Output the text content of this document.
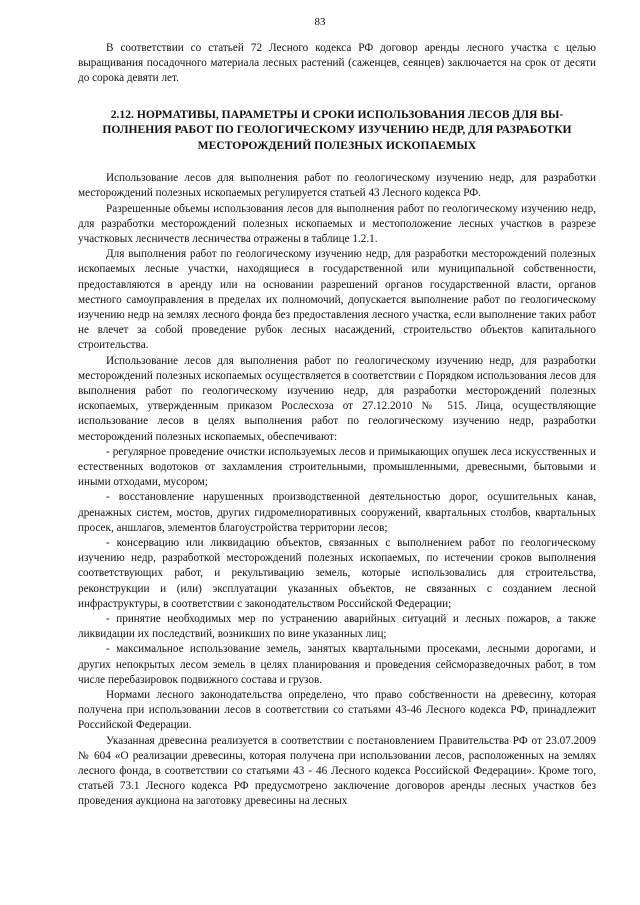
83

В соответствии со статьей 72 Лесного кодекса РФ договор аренды лесного участка с целью выращивания посадочного материала лесных растений (саженцев, сеянцев) заключается на срок от десяти до сорока девяти лет.

2.12. НОРМАТИВЫ, ПАРАМЕТРЫ И СРОКИ ИСПОЛЬЗОВАНИЯ ЛЕСОВ ДЛЯ ВЫ-
ПОЛНЕНИЯ РАБОТ ПО ГЕОЛОГИЧЕСКОМУ ИЗУЧЕНИЮ НЕДР, ДЛЯ РАЗРАБОТКИ
МЕСТОРОЖДЕНИЙ ПОЛЕЗНЫХ ИСКОПАЕМЫХ

Использование лесов для выполнения работ по геологическому изучению недр, для разработки месторождений полезных ископаемых регулируется статьей 43 Лесного кодекса РФ.

Разрешенные объемы использования лесов для выполнения работ по геологическому изучению недр, для разработки месторождений полезных ископаемых и местоположение лесных участков в разрезе участковых лесничеств лесничества отражены в таблице 1.2.1.

Для выполнения работ по геологическому изучению недр, для разработки месторождений полезных ископаемых лесные участки, находящиеся в государственной или муниципальной собственности, предоставляются в аренду или на основании разрешений органов государственной власти, органов местного самоуправления в пределах их полномочий, допускается выполнение работ по геологическому изучению недр на землях лесного фонда без предоставления лесного участка, если выполнение таких работ не влечет за собой проведение рубок лесных насаждений, строительство объектов капитального строительства.

Использование лесов для выполнения работ по геологическому изучению недр, для разработки месторождений полезных ископаемых осуществляется в соответствии с Порядком использования лесов для выполнения работ по геологическому изучению недр, для разработки месторождений полезных ископаемых, утвержденным приказом Рослесхоза от 27.12.2010 № 515. Лица, осуществляющие использование лесов в целях выполнения работ по геологическому изучению недр, разработки месторождений полезных ископаемых, обеспечивают:

- регулярное проведение очистки используемых лесов и примыкающих опушек леса искусственных и естественных водотоков от захламления строительными, промышленными, древесными, бытовыми и иными отходами, мусором;

- восстановление нарушенных производственной деятельностью дорог, осушительных канав, дренажных систем, мостов, других гидромелиоративных сооружений, квартальных столбов, квартальных просек, аншлагов, элементов благоустройства территории лесов;

- консервацию или ликвидацию объектов, связанных с выполнением работ по геологическому изучению недр, разработкой месторождений полезных ископаемых, по истечении сроков выполнения соответствующих работ, и рекультивацию земель, которые использовались для строительства, реконструкции и (или) эксплуатации указанных объектов, не связанных с созданием лесной инфраструктуры, в соответствии с законодательством Российской Федерации;

- принятие необходимых мер по устранению аварийных ситуаций и лесных пожаров, а также ликвидации их последствий, возникших по вине указанных лиц;

- максимальное использование земель, занятых квартальными просеками, лесными дорогами, и других непокрытых лесом земель в целях планирования и проведения сейсморазведочных работ, в том числе перебазировок подвижного состава и грузов.

Нормами лесного законодательства определено, что право собственности на древесину, которая получена при использовании лесов в соответствии со статьями 43-46 Лесного кодекса РФ, принадлежит Российской Федерации.

Указанная древесина реализуется в соответствии с постановлением Правительства РФ от 23.07.2009 № 604 «О реализации древесины, которая получена при использовании лесов, расположенных на землях лесного фонда, в соответствии со статьями 43 - 46 Лесного кодекса Российской Федерации». Кроме того, статьей 73.1 Лесного кодекса РФ предусмотрено заключение договоров аренды лесных участков без проведения аукциона на заготовку древесины на лесных
